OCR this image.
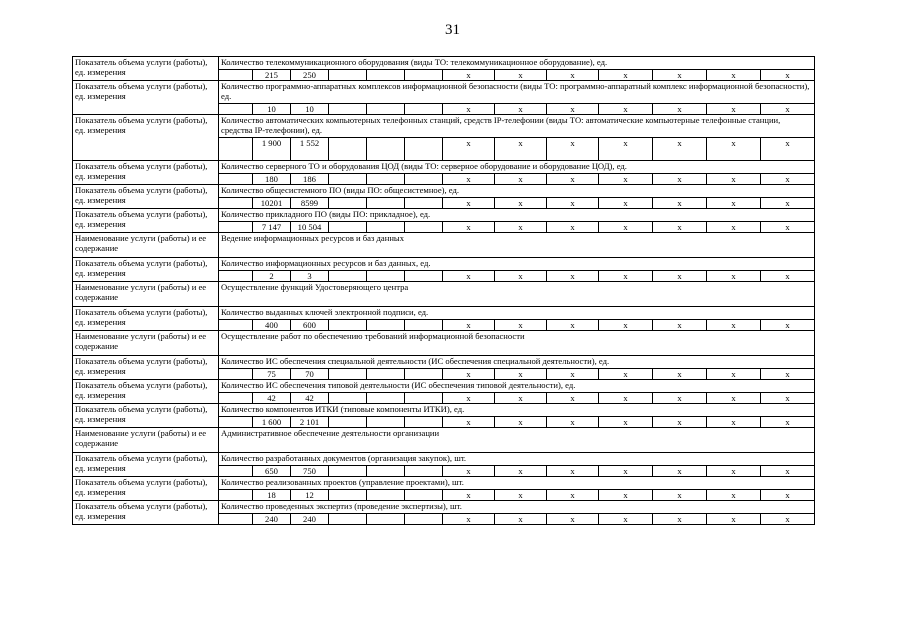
31
Показатель объема услуги (работы), ед. измерения	Количество телекоммуникационного оборудования (виды ТО: телекоммуникационное оборудование), ед.												
		215	250				x	x	x	x	x	x	x
Показатель объема услуги (работы), ед. измерения	Количество программно-аппаратных комплексов информационной безопасности (виды ТО: программно-аппаратный комплекс информационной безопасности), ед.												
		10	10				x	x	x	x	x	x	x
Показатель объема услуги (работы), ед. измерения	Количество автоматических компьютерных телефонных станций, средств IP-телефонии (виды ТО: автоматические компьютерные телефонные станции, средства IP-телефонии), ед.												
		1 900	1 552				x	x	x	x	x	x	x
Показатель объема услуги (работы), ед. измерения	Количество серверного ТО и оборудования ЦОД (виды ТО: серверное оборудование и оборудование ЦОД), ед.												
		180	186				x	x	x	x	x	x	x
Показатель объема услуги (работы), ед. измерения	Количество общесистемного ПО (виды ПО: общесистемное), ед.												
		10201	8599				x	x	x	x	x	x	x
Показатель объема услуги (работы), ед. измерения	Количество прикладного ПО (виды ПО: прикладное), ед.												
		7 147	10 504				x	x	x	x	x	x	x
Наименование услуги (работы) и ее содержание	Ведение информационных ресурсов и баз данных												
Показатель объема услуги (работы), ед. измерения	Количество информационных ресурсов и баз данных, ед.												
		2	3				x	x	x	x	x	x	x
Наименование услуги (работы) и ее содержание	Осуществление функций Удостоверяющего центра												
Показатель объема услуги (работы), ед. измерения	Количество выданных ключей электронной подписи, ед.												
		400	600				x	x	x	x	x	x	x
Наименование услуги (работы) и ее содержание	Осуществление работ по обеспечению требований информационной безопасности												
Показатель объема услуги (работы), ед. измерения	Количество ИС обеспечения специальной деятельности (ИС обеспечения специальной деятельности), ед.												
		75	70				x	x	x	x	x	x	x
Показатель объема услуги (работы), ед. измерения	Количество ИС обеспечения типовой деятельности (ИС обеспечения типовой деятельности), ед.												
		42	42				x	x	x	x	x	x	x
Показатель объема услуги (работы), ед. измерения	Количество компонентов ИТКИ (типовые компоненты ИТКИ), ед.												
		1 600	2 101				x	x	x	x	x	x	x
Наименование услуги (работы) и ее содержание	Административное обеспечение деятельности организации												
Показатель объема услуги (работы), ед. измерения	Количество разработанных документов (организация закупок), шт.												
		650	750				x	x	x	x	x	x	x
Показатель объема услуги (работы), ед. измерения	Количество реализованных проектов (управление проектами), шт.												
		18	12				x	x	x	x	x	x	x
Показатель объема услуги (работы), ед. измерения	Количество проведенных экспертиз (проведение экспертизы), шт.												
		240	240				x	x	x	x	x	x	x
